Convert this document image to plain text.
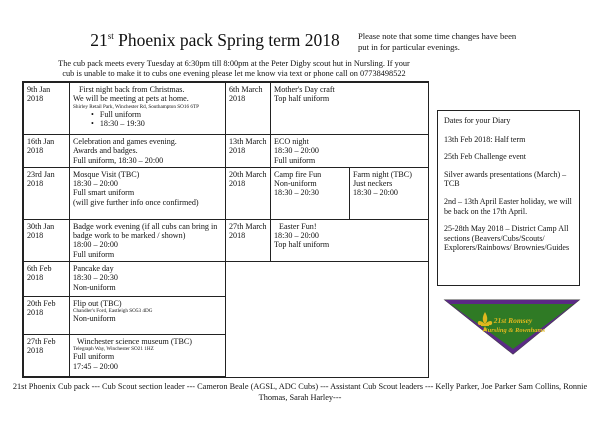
21st Phoenix pack Spring term 2018	Please note that some time changes have been put in for particular evenings.
The cub pack meets every Tuesday at 6:30pm till 8:00pm at the Peter Digby scout hut in Nursling. If your cub is unable to make it to cubs one evening please let me know via text or phone call on 07738498522
9th Jan 2018	First night back from Christmas.
We will be meeting at pets at home.
Shirley Retail Park, Winchester Rd, Southampton SO16 6TP
• Full uniform
• 18:30 – 19:30	6th March 2018	Mother's Day craft
Top half uniform	

16th Jan 2018	Celebration and games evening.
Awards and badges.
Full uniform, 18:30 – 20:00	13th March 2018	ECO night
18:30 – 20:00
Full uniform	

23rd Jan 2018	Mosque Visit (TBC)
18:30 – 20:00
Full smart uniform
(will give further info once confirmed)	20th March 2018	Camp fire Fun
Non-uniform
18:30 – 20:30	Farm night (TBC)
Just neckers
18:30 – 20:00

30th Jan 2018	Badge work evening (if all cubs can bring in badge work to be marked / shown)
18:00 – 20:00
Full uniform	27th March 2018	Easter Fun!
18:30 – 20:00
Top half uniform	

6th Feb 2018	Pancake day
18:30 – 20:30
Non-uniform			

20th Feb 2018	Flip out (TBC)
Chandler's Ford, Eastleigh SO53 4DG
Non-uniform			

27th Feb 2018	Winchester science museum (TBC)
Telegraph Way, Winchester SO21 1HZ
Full uniform
17:45 – 20:00			

Dates for your Diary

13th Feb 2018: Half term

25th Feb Challenge event

Silver awards presentations (March) – TCB

2nd – 13th April Easter holiday, we will be back on the 17th April.

25-28th May 2018 – District Camp All sections (Beavers/Cubs/Scouts/ Explorers/Rainbows/ Brownies/Guides

21st Romsey
Nursling & Rownhams
21st Phoenix Cub pack --- Cub Scout section leader --- Cameron Beale (AGSL, ADC Cubs) --- Assistant Cub Scout leaders --- Kelly Parker, Joe Parker Sam Collins, Ronnie Thomas, Sarah Harley---
